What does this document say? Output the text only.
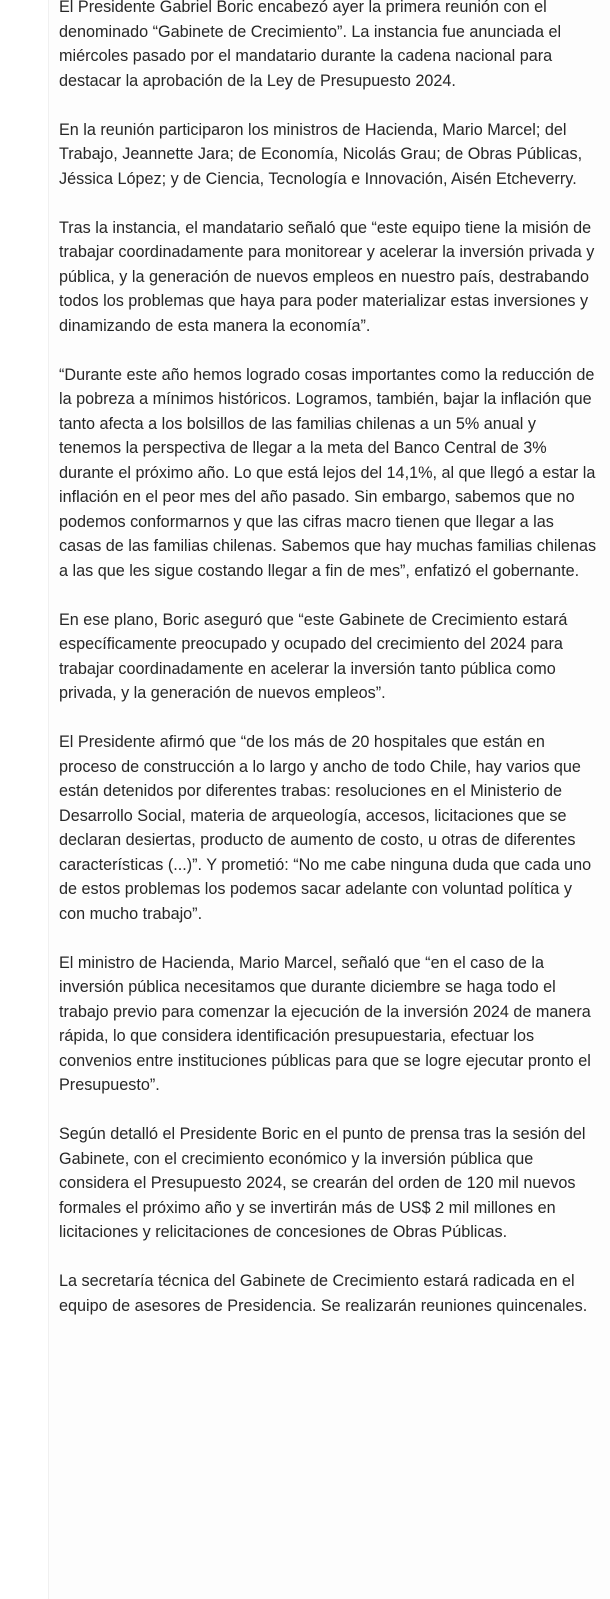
El Presidente Gabriel Boric encabezó ayer la primera reunión con el denominado “Gabinete de Crecimiento”. La instancia fue anunciada el miércoles pasado por el mandatario durante la cadena nacional para destacar la aprobación de la Ley de Presupuesto 2024.

En la reunión participaron los ministros de Hacienda, Mario Marcel; del Trabajo, Jeannette Jara; de Economía, Nicolás Grau; de Obras Públicas, Jéssica López; y de Ciencia, Tecnología e Innovación, Aisén Etcheverry.

Tras la instancia, el mandatario señaló que “este equipo tiene la misión de trabajar coordinadamente para monitorear y acelerar la inversión privada y pública, y la generación de nuevos empleos en nuestro país, destrabando todos los problemas que haya para poder materializar estas inversiones y dinamizando de esta manera la economía”.

“Durante este año hemos logrado cosas importantes como la reducción de la pobreza a mínimos históricos. Logramos, también, bajar la inflación que tanto afecta a los bolsillos de las familias chilenas a un 5% anual y tenemos la perspectiva de llegar a la meta del Banco Central de 3% durante el próximo año. Lo que está lejos del 14,1%, al que llegó a estar la inflación en el peor mes del año pasado. Sin embargo, sabemos que no podemos conformarnos y que las cifras macro tienen que llegar a las casas de las familias chilenas. Sabemos que hay muchas familias chilenas a las que les sigue costando llegar a fin de mes”, enfatizó el gobernante.

En ese plano, Boric aseguró que “este Gabinete de Crecimiento estará específicamente preocupado y ocupado del crecimiento del 2024 para trabajar coordinadamente en acelerar la inversión tanto pública como privada, y la generación de nuevos empleos”.

El Presidente afirmó que “de los más de 20 hospitales que están en proceso de construcción a lo largo y ancho de todo Chile, hay varios que están detenidos por diferentes trabas: resoluciones en el Ministerio de Desarrollo Social, materia de arqueología, accesos, licitaciones que se declaran desiertas, producto de aumento de costo, u otras de diferentes características (...)”. Y prometió: “No me cabe ninguna duda que cada uno de estos problemas los podemos sacar adelante con voluntad política y con mucho trabajo”.

El ministro de Hacienda, Mario Marcel, señaló que “en el caso de la inversión pública necesitamos que durante diciembre se haga todo el trabajo previo para comenzar la ejecución de la inversión 2024 de manera rápida, lo que considera identificación presupuestaria, efectuar los convenios entre instituciones públicas para que se logre ejecutar pronto el Presupuesto”.

Según detalló el Presidente Boric en el punto de prensa tras la sesión del Gabinete, con el crecimiento económico y la inversión pública que considera el Presupuesto 2024, se crearán del orden de 120 mil nuevos formales el próximo año y se invertirán más de US$ 2 mil millones en licitaciones y relicitaciones de concesiones de Obras Públicas.

La secretaría técnica del Gabinete de Crecimiento estará radicada en el equipo de asesores de Presidencia. Se realizarán reuniones quincenales.
